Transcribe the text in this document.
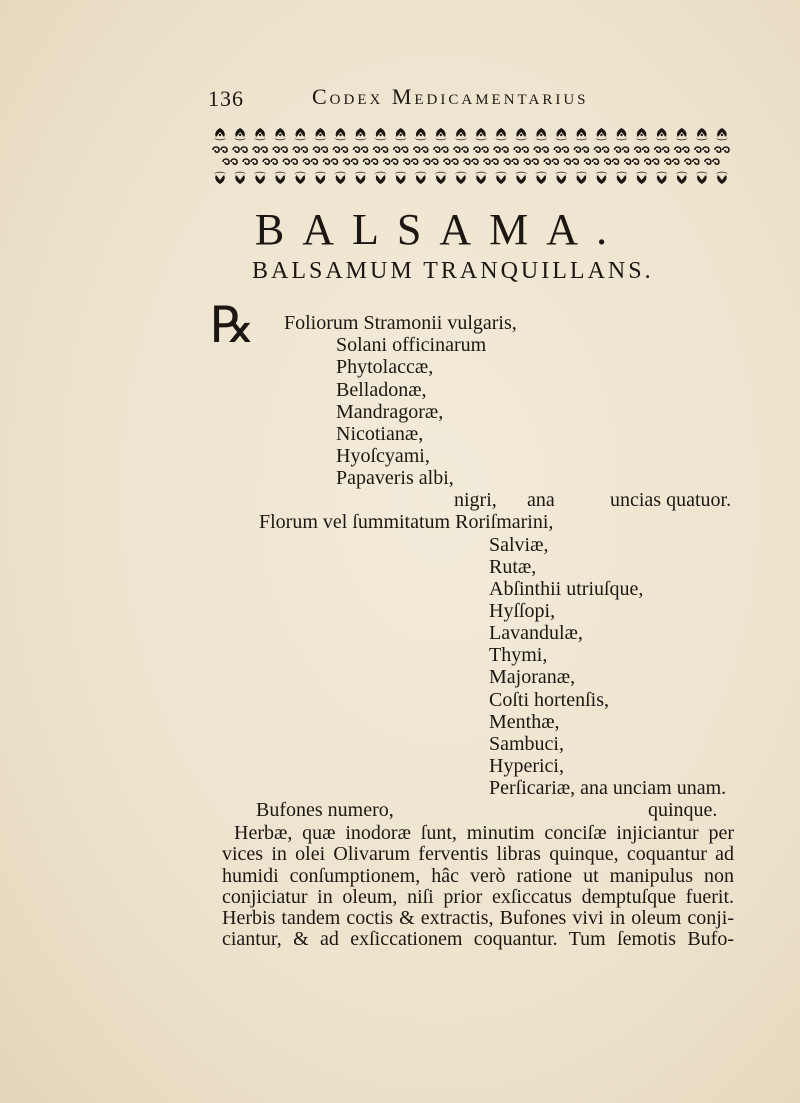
136	Codex Medicamentarius
BALSAMA.
BALSAMUM TRANQUILLANS.
℞ Foliorum Stramonii vulgaris,
Solani officinarum
Phytolaccæ,
Belladonæ,
Mandragoræ,
Nicotianæ,
Hyoſcyami,
Papaveris albi,
nigri, ana	uncias quatuor.
Florum vel ſummitatum Roriſmarini,
Salviæ,
Rutæ,
Abſinthii utriuſque,
Hyſſopi,
Lavandulæ,
Thymi,
Majoranæ,
Coſti hortenſis,
Menthæ,
Sambuci,
Hyperici,
Perſicariæ, ana unciam unam.
Bufones numero,	quinque.
Herbæ, quæ inodoræ ſunt, minutim conciſæ injiciantur per
vices in olei Olivarum ferventis libras quinque, coquantur ad
humidi conſumptionem, hâc verò ratione ut manipulus non
conjiciatur in oleum, niſi prior exſiccatus demptuſque fuerit.
Herbis tandem coctis & extractis, Bufones vivi in oleum conji-
ciantur, & ad exſiccationem coquantur. Tum ſemotis Bufo-
